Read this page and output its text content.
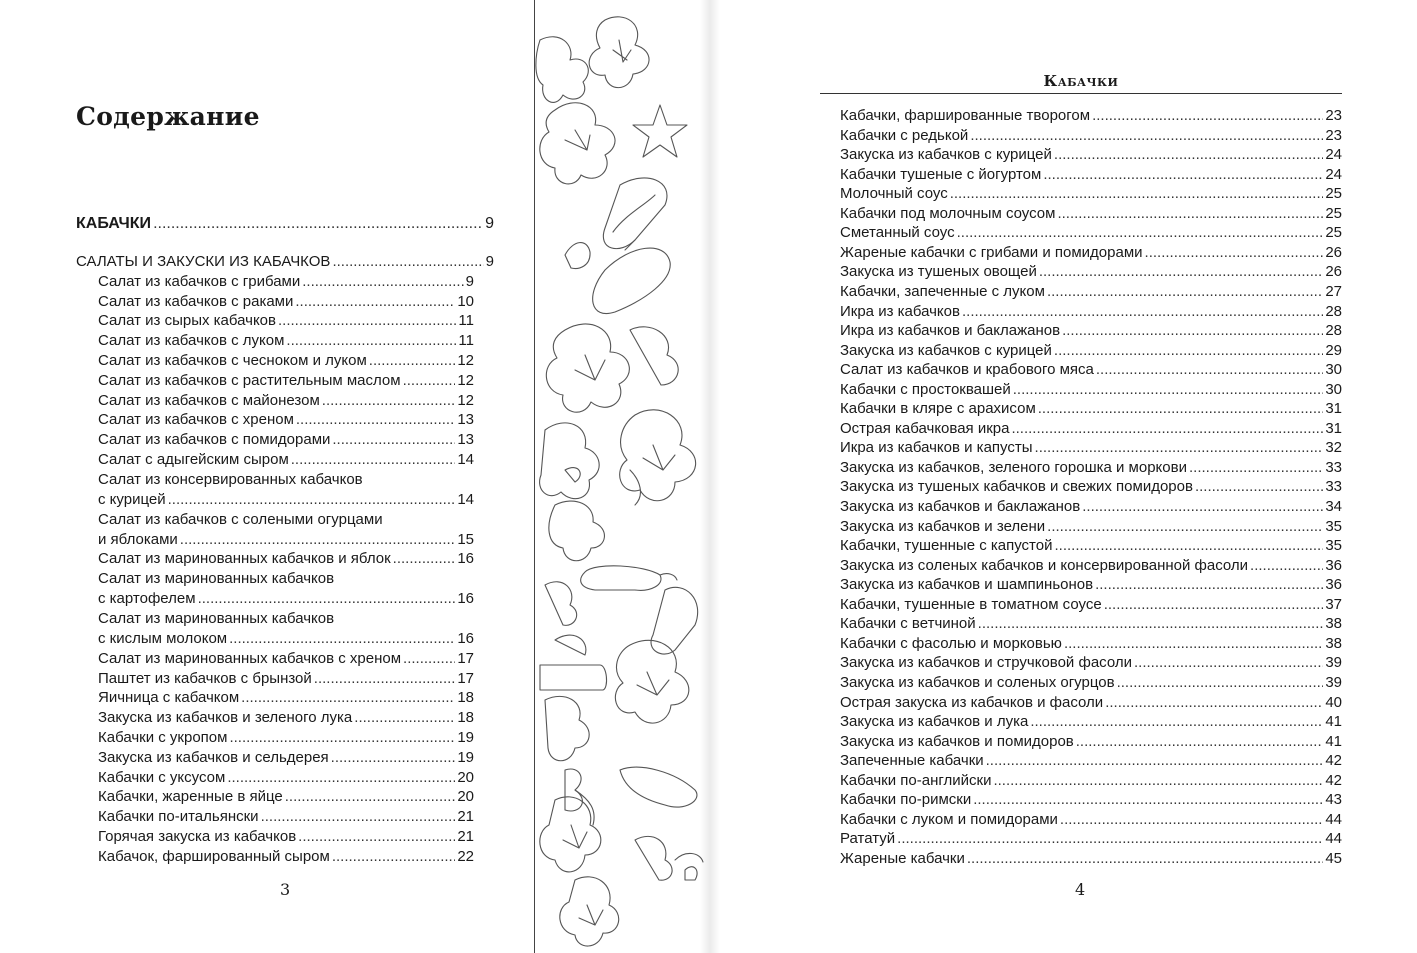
Содержание
КАБАЧКИ .....	9
САЛАТЫ И ЗАКУСКИ ИЗ КАБАЧКОВ .....	9
Салат из кабачков с грибами .....	9
Салат из кабачков с раками .....	10
Салат из сырых кабачков .....	11
Салат из кабачков с луком .....	11
Салат из кабачков с чесноком и луком .....	12
Салат из кабачков с растительным маслом .....	12
Салат из кабачков с майонезом .....	12
Салат из кабачков с хреном .....	13
Салат из кабачков с помидорами .....	13
Салат с адыгейским сыром .....	14
Салат из консервированных кабачков
с курицей .....	14
Салат из кабачков с солеными огурцами
и яблоками .....	15
Салат из маринованных кабачков и яблок .....	16
Салат из маринованных кабачков
с картофелем .....	16
Салат из маринованных кабачков
с кислым молоком .....	16
Салат из маринованных кабачков с хреном .....	17
Паштет из кабачков с брынзой .....	17
Яичница с кабачком .....	18
Закуска из кабачков и зеленого лука .....	18
Кабачки с укропом .....	19
Закуска из кабачков и сельдерея .....	19
Кабачки с уксусом .....	20
Кабачки, жаренные в яйце .....	20
Кабачки по-итальянски .....	21
Горячая закуска из кабачков .....	21
Кабачок, фаршированный сыром .....	22
3
Кабачки
Кабачки, фаршированные творогом .....	23
Кабачки с редькой .....	23
Закуска из кабачков с курицей .....	24
Кабачки тушеные с йогуртом .....	24
Молочный соус .....	25
Кабачки под молочным соусом .....	25
Сметанный соус .....	25
Жареные кабачки с грибами и помидорами .....	26
Закуска из тушеных овощей .....	26
Кабачки, запеченные с луком .....	27
Икра из кабачков .....	28
Икра из кабачков и баклажанов .....	28
Закуска из кабачков с курицей .....	29
Салат из кабачков и крабового мяса .....	30
Кабачки с простоквашей .....	30
Кабачки в кляре с арахисом .....	31
Острая кабачковая икра .....	31
Икра из кабачков и капусты .....	32
Закуска из кабачков, зеленого горошка и моркови .....	33
Закуска из тушеных кабачков и свежих помидоров .....	33
Закуска из кабачков и баклажанов .....	34
Закуска из кабачков и зелени .....	35
Кабачки, тушенные с капустой .....	35
Закуска из соленых кабачков и консервированной фасоли .....	36
Закуска из кабачков и шампиньонов .....	36
Кабачки, тушенные в томатном соусе .....	37
Кабачки с ветчиной .....	38
Кабачки с фасолью и морковью .....	38
Закуска из кабачков и стручковой фасоли .....	39
Закуска из кабачков и соленых огурцов .....	39
Острая закуска из кабачков и фасоли .....	40
Закуска из кабачков и лука .....	41
Закуска из кабачков и помидоров .....	41
Запеченные кабачки .....	42
Кабачки по-английски .....	42
Кабачки по-римски .....	43
Кабачки с луком и помидорами .....	44
Рататуй .....	44
Жареные кабачки .....	45
4
